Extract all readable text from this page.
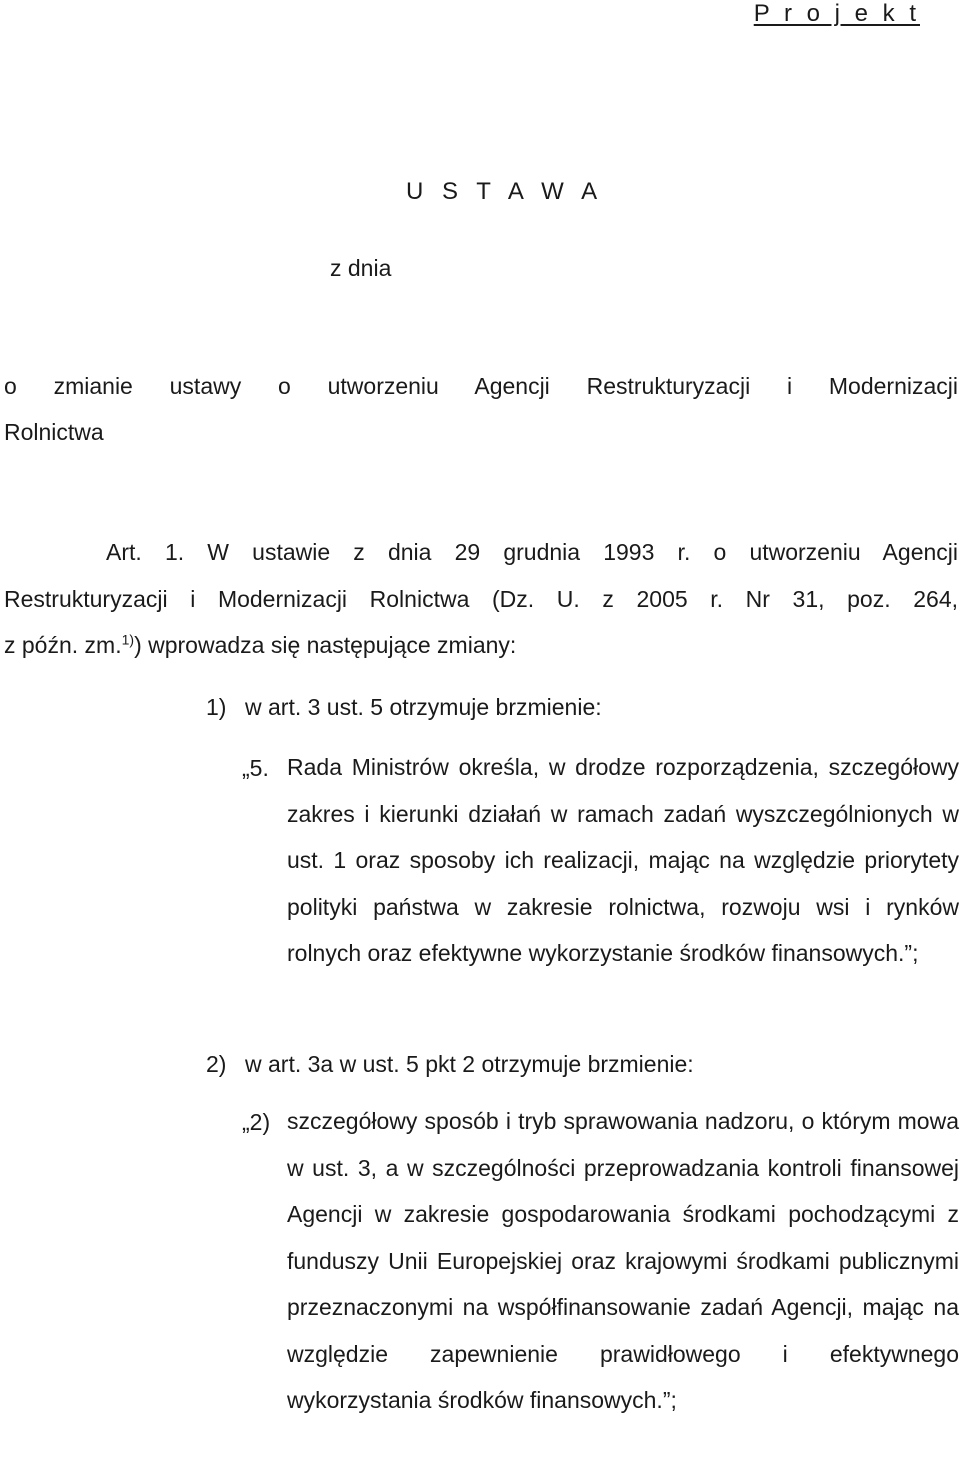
P r o j e k t
U S T A W A
z dnia
o zmianie ustawy o utworzeniu Agencji Restrukturyzacji i Modernizacji
Rolnictwa
Art. 1. W ustawie z dnia 29 grudnia 1993 r. o utworzeniu Agencji
Restrukturyzacji i Modernizacji Rolnictwa (Dz. U. z 2005 r. Nr 31, poz. 264,
z późn. zm.$^{1)}$) wprowadza się następujące zmiany:
1) w art. 3 ust. 5 otrzymuje brzmienie:
„5. Rada Ministrów określa, w drodze rozporządzenia, szczegółowy zakres i kierunki działań w ramach zadań wyszczególnionych w ust. 1 oraz sposoby ich realizacji, mając na względzie priorytety polityki państwa w zakresie rolnictwa, rozwoju wsi i rynków rolnych oraz efektywne wykorzystanie środków finansowych.”;

2) w art. 3a w ust. 5 pkt 2 otrzymuje brzmienie:
„2) szczegółowy sposób i tryb sprawowania nadzoru, o którym mowa w ust. 3, a w szczególności przeprowadzania kontroli finansowej Agencji w zakresie gospodarowania środkami pochodzącymi z funduszy Unii Europejskiej oraz krajowymi środkami publicznymi przeznaczonymi na współfinansowanie zadań Agencji, mając na względzie zapewnienie prawidłowego i efektywnego wykorzystania środków finansowych.”;
